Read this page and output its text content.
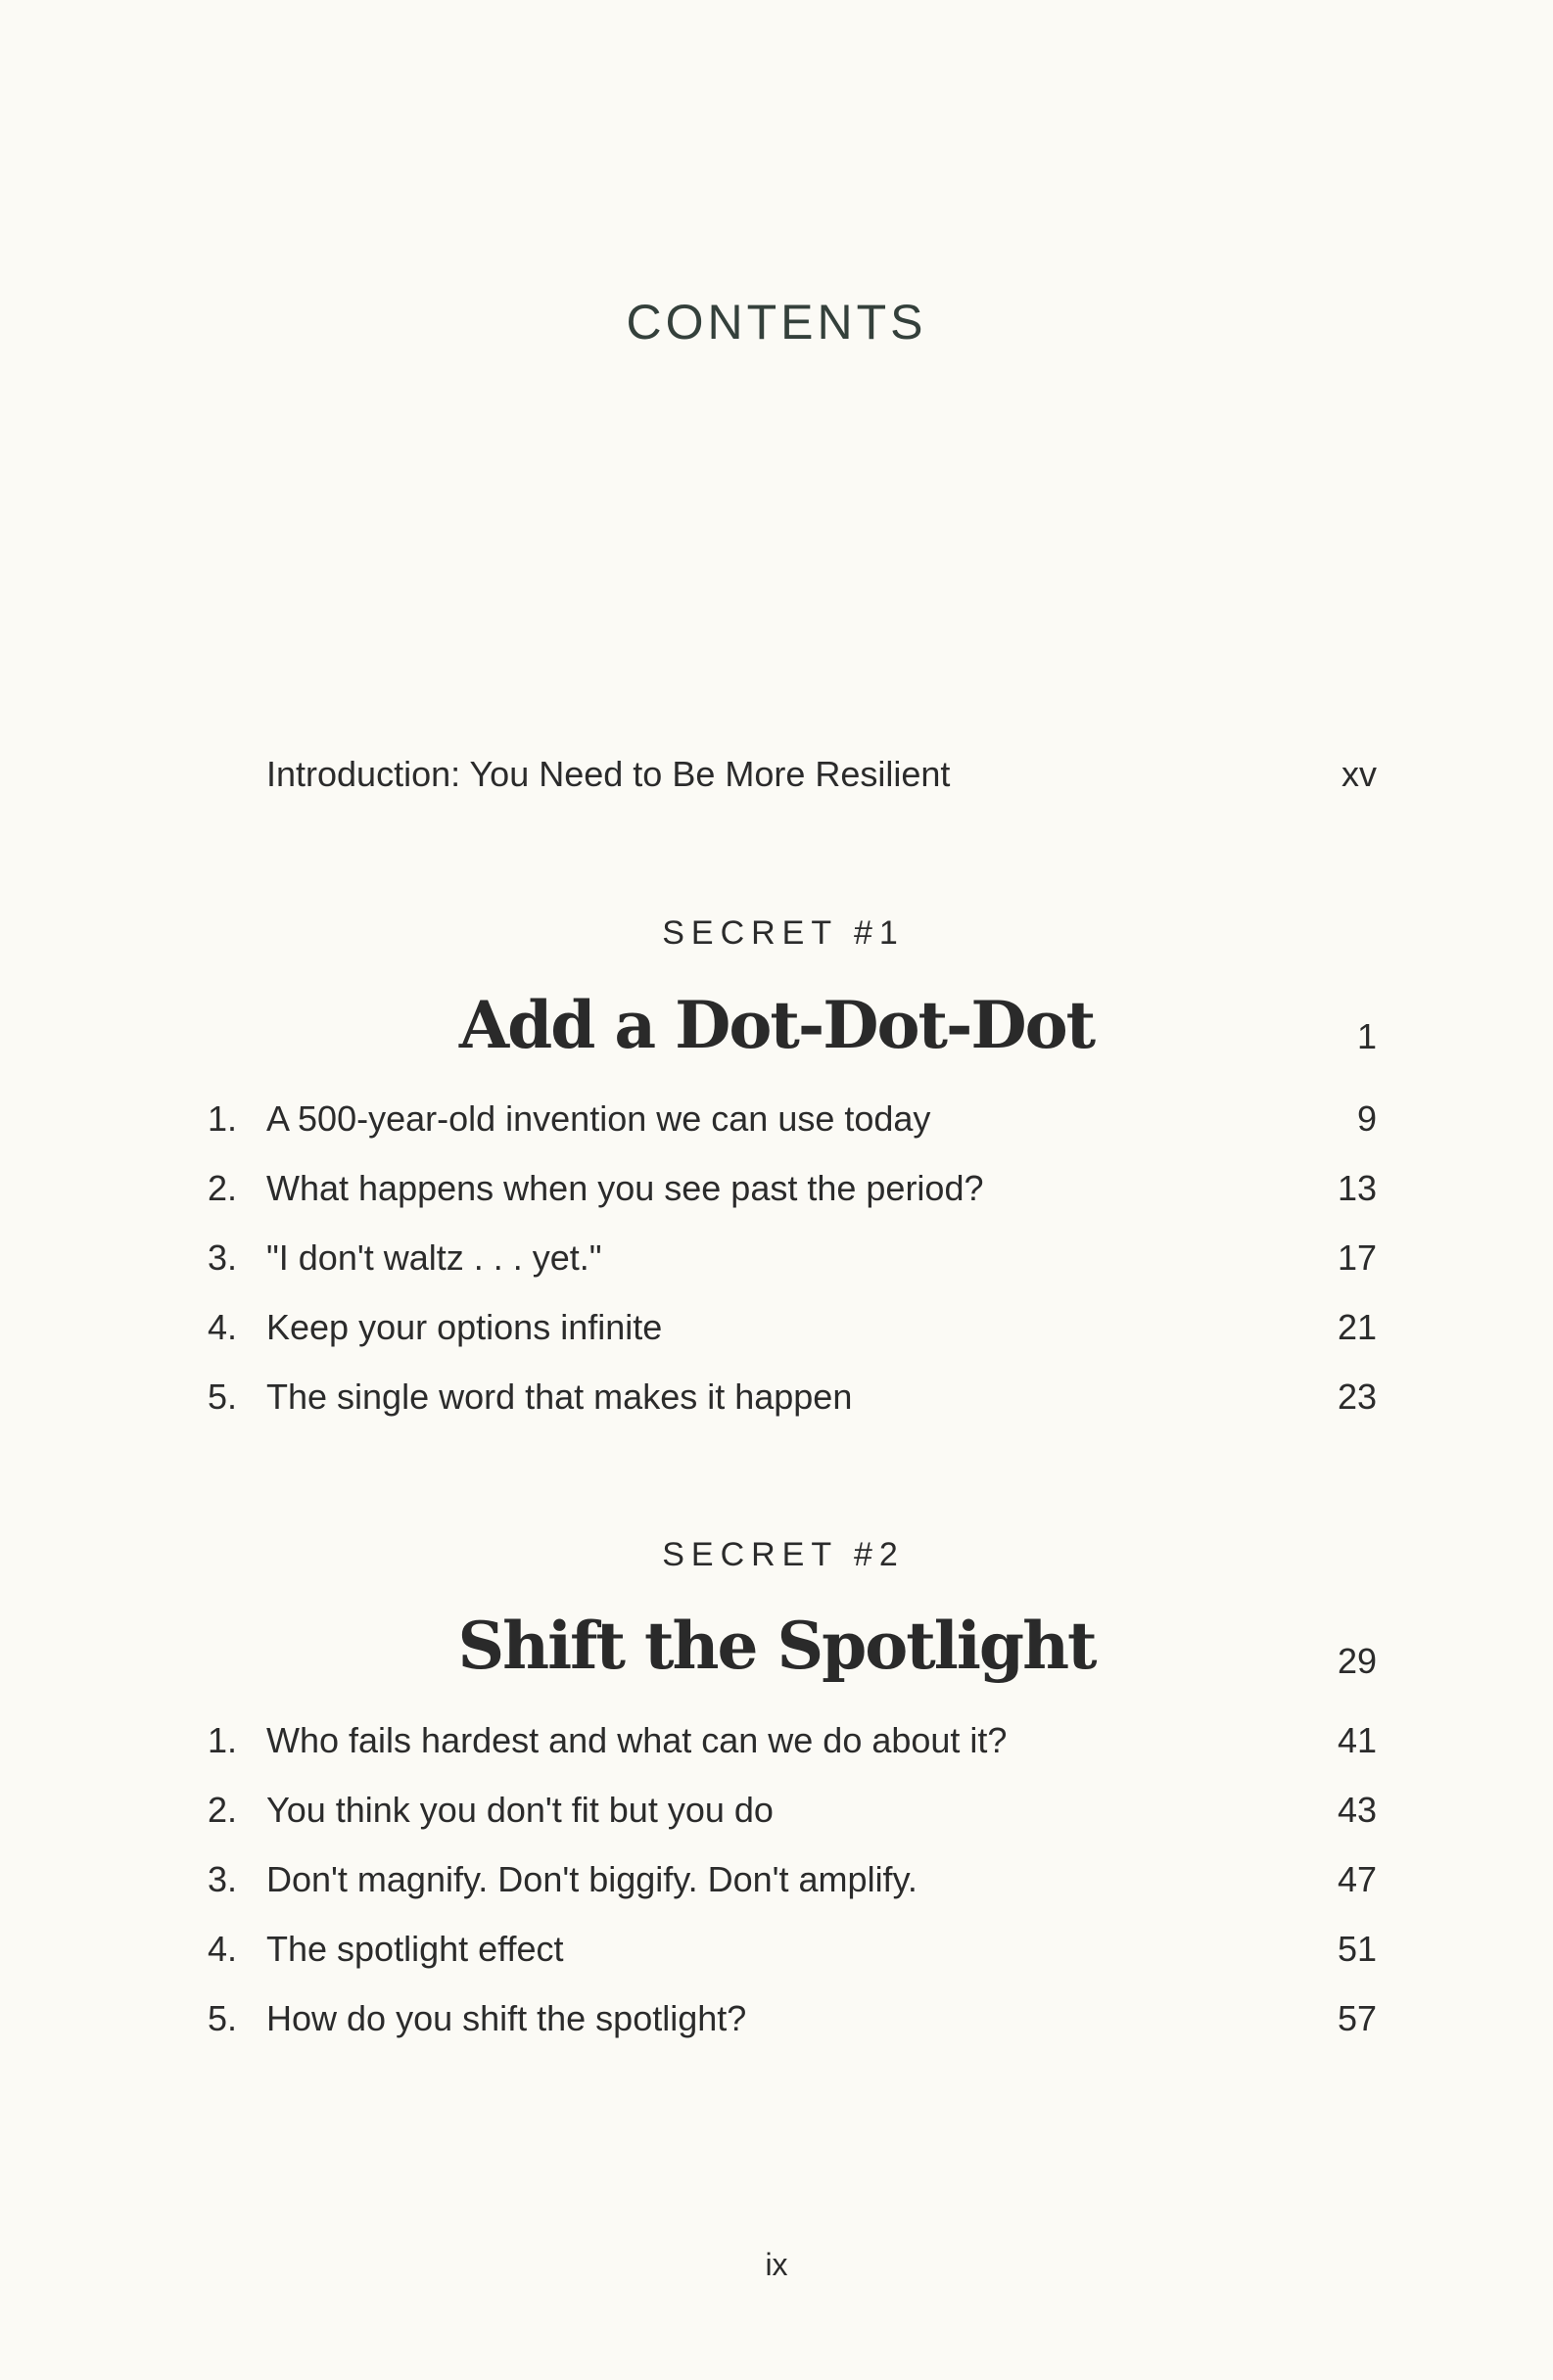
CONTENTS
Introduction: You Need to Be More Resilient	xv
SECRET #1
Add a Dot-Dot-Dot	1
1. A 500-year-old invention we can use today	9
2. What happens when you see past the period?	13
3. "I don't waltz . . . yet."	17
4. Keep your options infinite	21
5. The single word that makes it happen	23
SECRET #2
Shift the Spotlight	29
1. Who fails hardest and what can we do about it?	41
2. You think you don't fit but you do	43
3. Don't magnify. Don't biggify. Don't amplify.	47
4. The spotlight effect	51
5. How do you shift the spotlight?	57
ix
